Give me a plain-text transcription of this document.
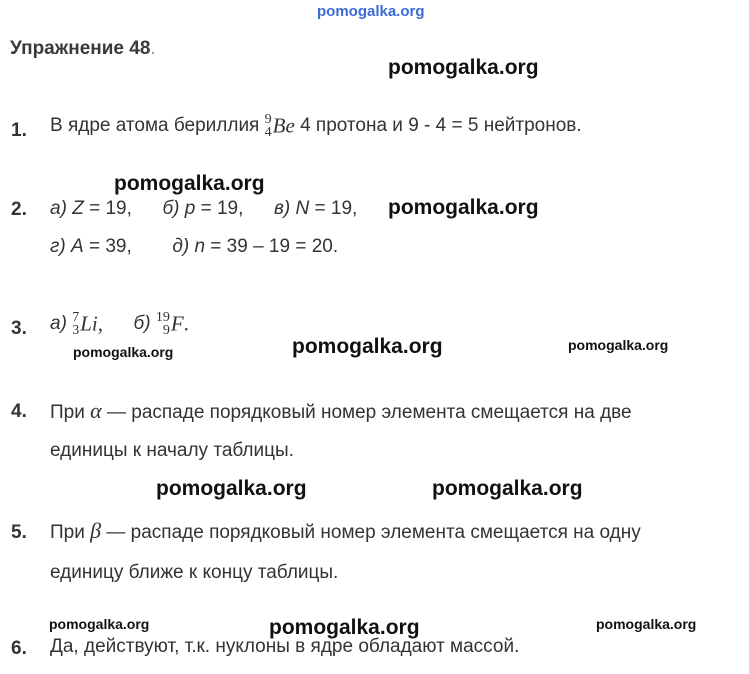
pomogalka.org
Упражнение 48.
pomogalka.org
1. В ядре атома бериллия 9
4 Be 4 протона и 9 - 4 = 5 нейтронов.
pomogalka.org
2. а) Z = 19, б) p = 19, в) N = 19, pomogalka.org
г) A = 39, д) n = 39 – 19 = 20.
3. а) 7
3 Li, б) 19
9 F.
pomogalka.org	pomogalka.org	pomogalka.org
4. При α — распаде порядковый номер элемента смещается на две
единицы к началу таблицы.
pomogalka.org	pomogalka.org
5. При β — распаде порядковый номер элемента смещается на одну
единицу ближе к концу таблицы.
pomogalka.org	pomogalka.org	pomogalka.org
6. Да, действуют, т.к. нуклоны в ядре обладают массой.
